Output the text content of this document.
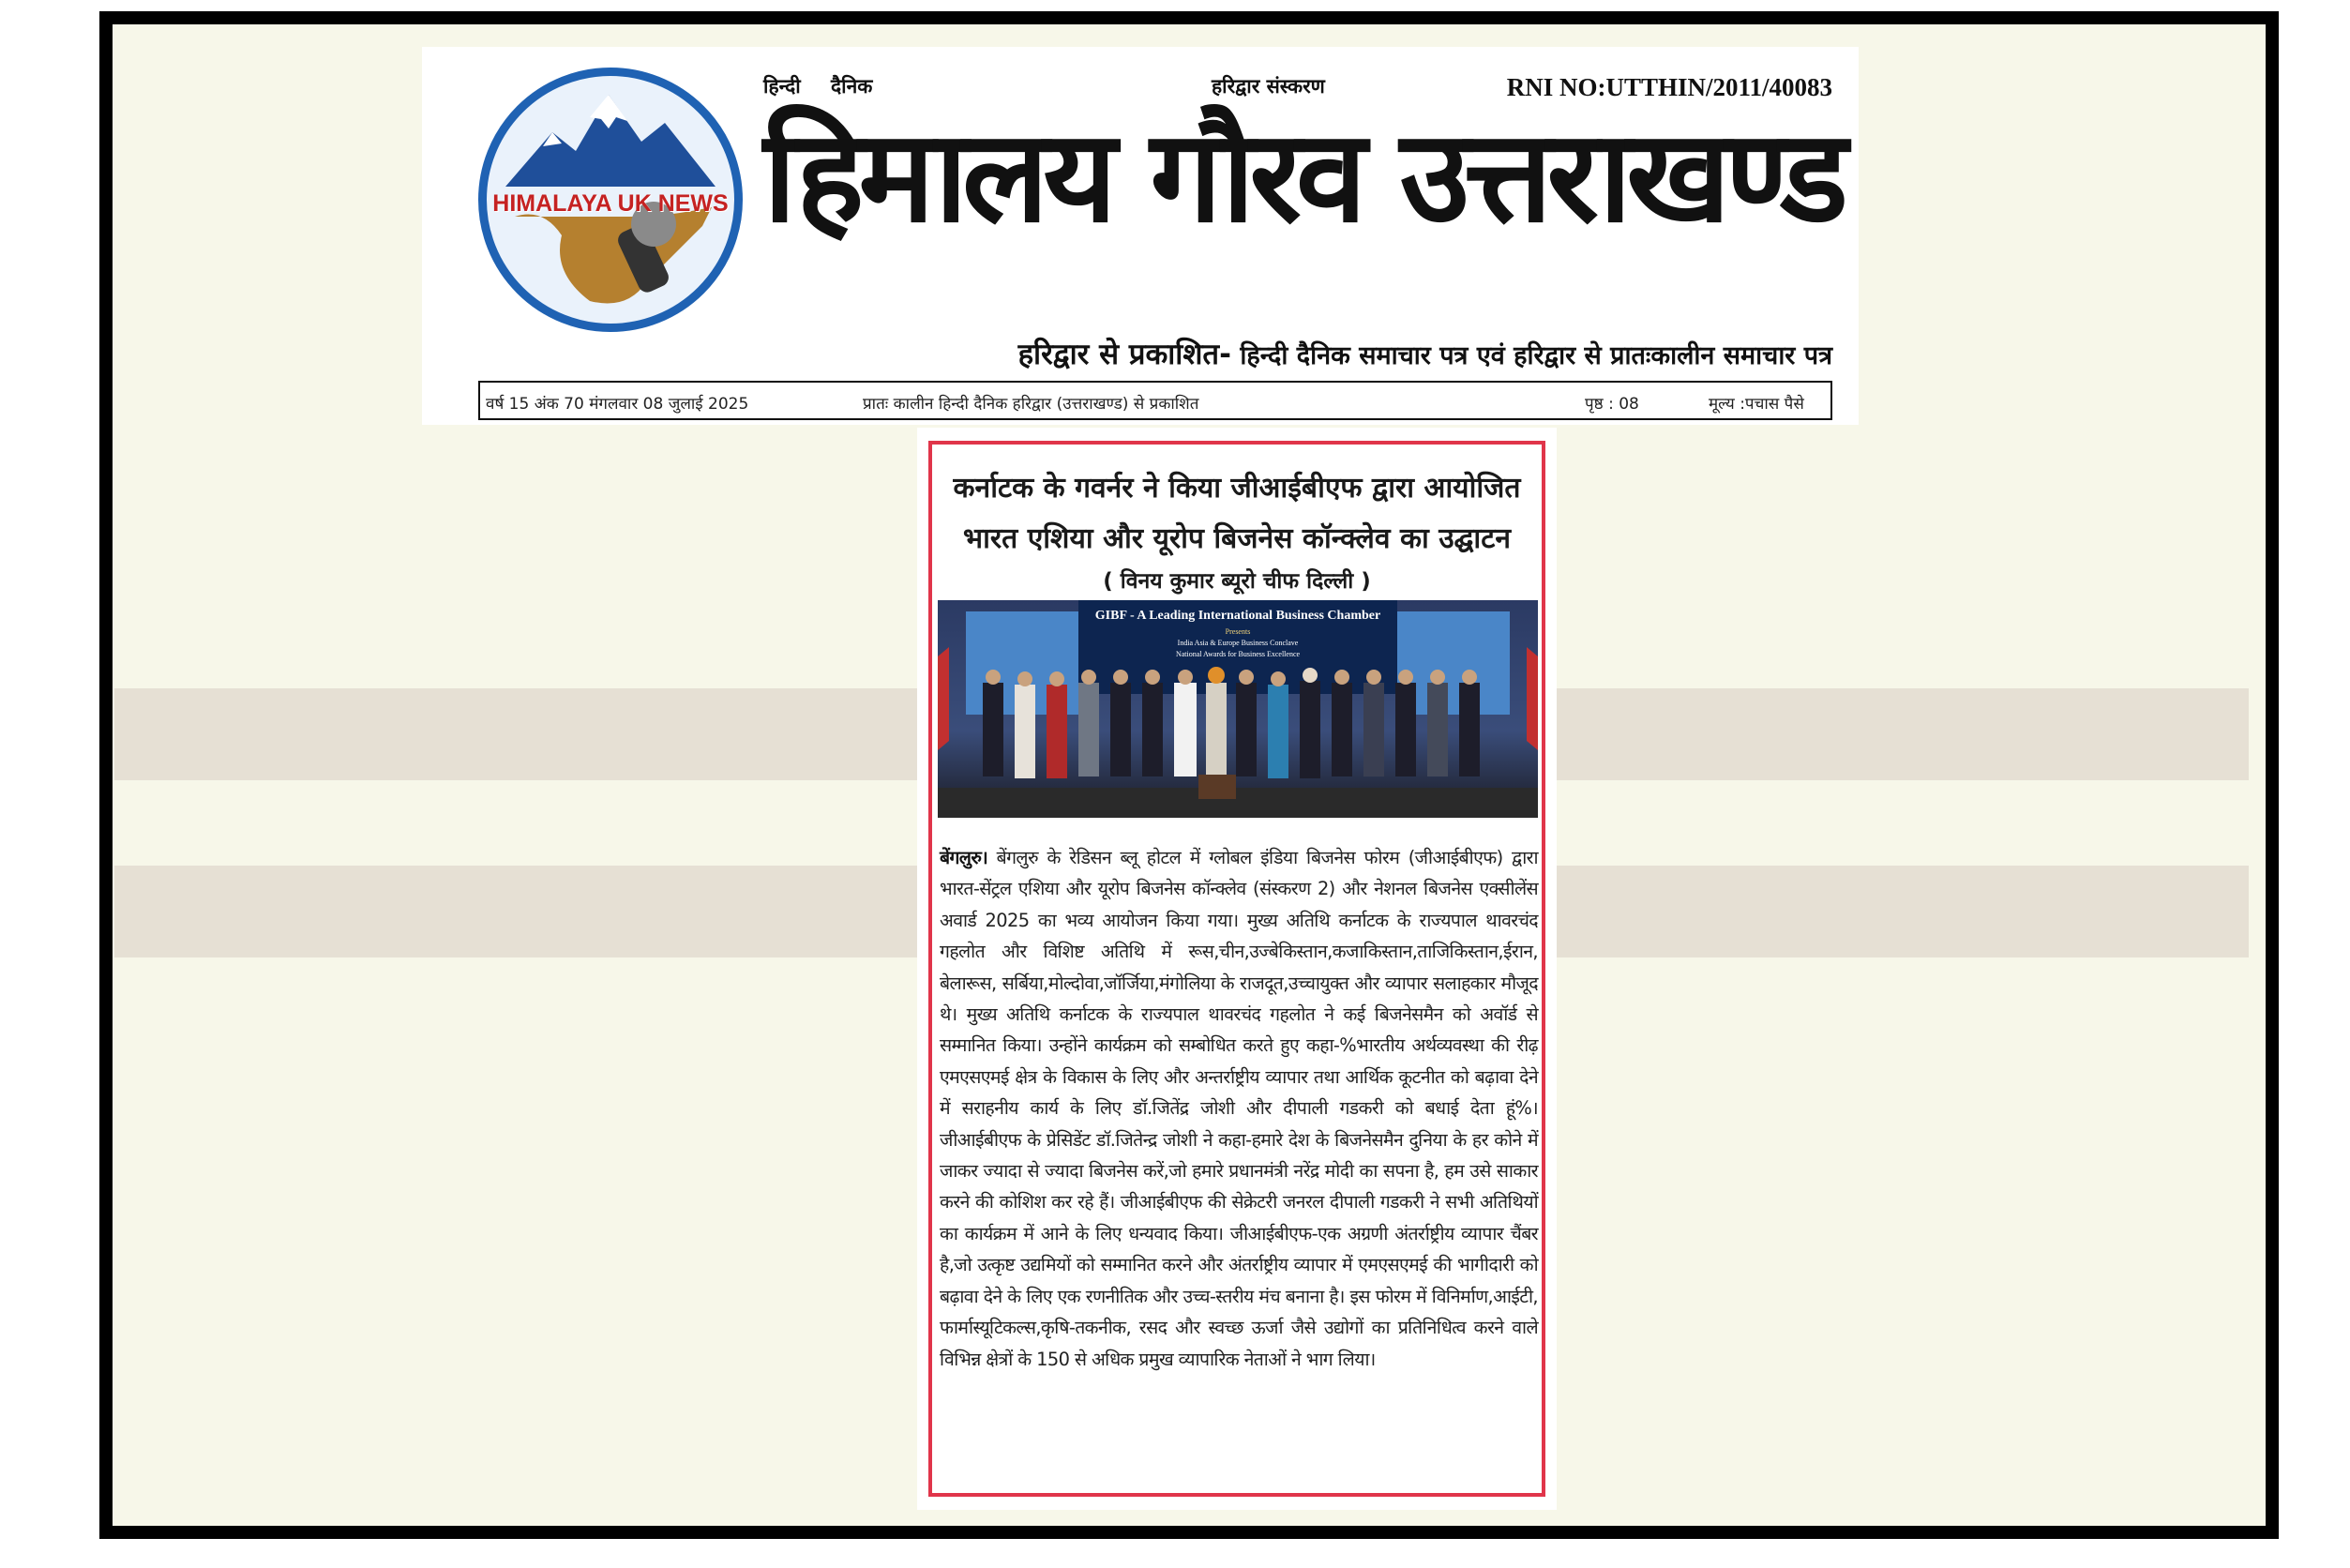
HIMALAYA UK NEWS
हिन्दी दैनिक	हरिद्वार संस्करण	RNI NO:UTTHIN/2011/40083
हिमालय गौरव उत्तराखण्ड
हरिद्वार से प्रकाशित- हिन्दी दैनिक समाचार पत्र एवं हरिद्वार से प्रातःकालीन समाचार पत्र
वर्ष 15 अंक 70 मंगलवार 08 जुलाई 2025	प्रातः कालीन हिन्दी दैनिक हरिद्वार (उत्तराखण्ड) से प्रकाशित	पृष्ठ : 08	मूल्य :पचास पैसे
कर्नाटक के गवर्नर ने किया जीआईबीएफ द्वारा आयोजित
भारत एशिया और यूरोप बिजनेस कॉन्क्लेव का उद्घाटन
( विनय कुमार ब्यूरो चीफ दिल्ली )
GIBF - A Leading International Business Chamber
Presents
India Asia & Europe Business Conclave
National Awards for Business Excellence
बेंगलुरु। बेंगलुरु के रेडिसन ब्लू होटल में ग्लोबल इंडिया बिजनेस फोरम (जीआईबीएफ) द्वारा भारत-सेंट्रल एशिया और यूरोप बिजनेस कॉन्क्लेव (संस्करण 2) और नेशनल बिजनेस एक्सीलेंस अवार्ड 2025 का भव्य आयोजन किया गया। मुख्य अतिथि कर्नाटक के राज्यपाल थावरचंद गहलोत और विशिष्ट अतिथि में रूस,चीन,उज्बेकिस्तान,कजाकिस्तान,ताजिकिस्तान,ईरान, बेलारूस, सर्बिया,मोल्दोवा,जॉर्जिया,मंगोलिया के राजदूत,उच्चायुक्त और व्यापार सलाहकार मौजूद थे। मुख्य अतिथि कर्नाटक के राज्यपाल थावरचंद गहलोत ने कई बिजनेसमैन को अवॉर्ड से सम्मानित किया। उन्होंने कार्यक्रम को सम्बोधित करते हुए कहा-%भारतीय अर्थव्यवस्था की रीढ़ एमएसएमई क्षेत्र के विकास के लिए और अन्तर्राष्ट्रीय व्यापार तथा आर्थिक कूटनीत को बढ़ावा देने में सराहनीय कार्य के लिए डॉ.जितेंद्र जोशी और दीपाली गडकरी को बधाई देता हूं%। जीआईबीएफ के प्रेसिडेंट डॉ.जितेन्द्र जोशी ने कहा-हमारे देश के बिजनेसमैन दुनिया के हर कोने में जाकर ज्यादा से ज्यादा बिजनेस करें,जो हमारे प्रधानमंत्री नरेंद्र मोदी का सपना है, हम उसे साकार करने की कोशिश कर रहे हैं। जीआईबीएफ की सेक्रेटरी जनरल दीपाली गडकरी ने सभी अतिथियों का कार्यक्रम में आने के लिए धन्यवाद किया। जीआईबीएफ-एक अग्रणी अंतर्राष्ट्रीय व्यापार चैंबर है,जो उत्कृष्ट उद्यमियों को सम्मानित करने और अंतर्राष्ट्रीय व्यापार में एमएसएमई की भागीदारी को बढ़ावा देने के लिए एक रणनीतिक और उच्च-स्तरीय मंच बनाना है। इस फोरम में विनिर्माण,आईटी, फार्मास्यूटिकल्स,कृषि-तकनीक, रसद और स्वच्छ ऊर्जा जैसे उद्योगों का प्रतिनिधित्व करने वाले विभिन्न क्षेत्रों के 150 से अधिक प्रमुख व्यापारिक नेताओं ने भाग लिया।
